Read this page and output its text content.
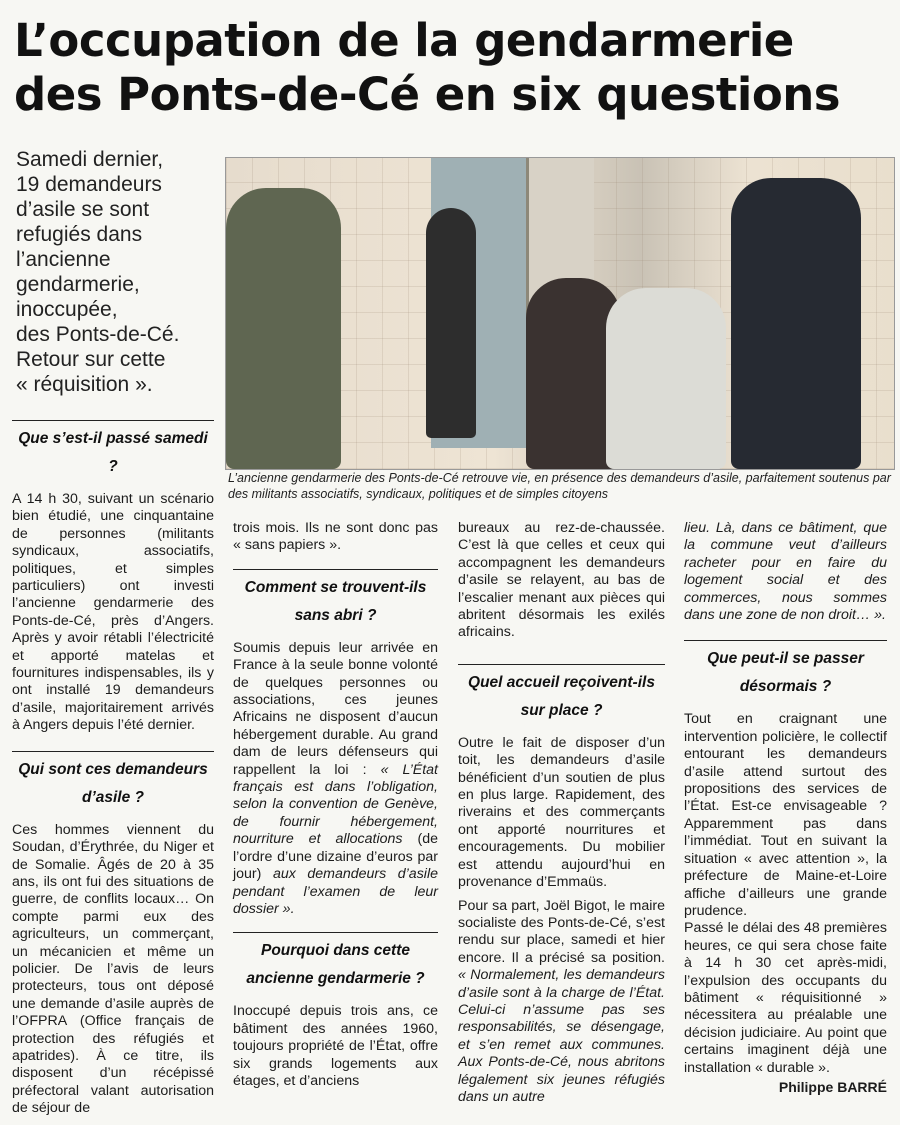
L’occupation de la gendarmerie
des Ponts-de-Cé en six questions

Samedi dernier,
19 demandeurs
d’asile se sont
refugiés dans
l’ancienne
gendarmerie,
inoccupée,
des Ponts-de-Cé.
Retour sur cette
« réquisition ».

L’ancienne gendarmerie des Ponts-de-Cé retrouve vie, en présence des demandeurs d’asile, parfaitement soutenus par des militants associatifs, syndicaux, politiques et de simples citoyens

Que s’est-il passé samedi ?

A 14 h 30, suivant un scénario bien étudié, une cinquantaine de personnes (militants syndicaux, associatifs, politiques, et simples particuliers) ont investi l’ancienne gendarmerie des Ponts-de-Cé, près d’Angers. Après y avoir rétabli l’électricité et apporté matelas et fournitures indispensables, ils y ont installé 19 demandeurs d’asile, majoritairement arrivés à Angers depuis l’été dernier.

Qui sont ces demandeurs d’asile ?

Ces hommes viennent du Soudan, d’Érythrée, du Niger et de Somalie. Âgés de 20 à 35 ans, ils ont fui des situations de guerre, de conflits locaux… On compte parmi eux des agriculteurs, un commerçant, un mécanicien et même un policier. De l’avis de leurs protecteurs, tous ont déposé une demande d’asile auprès de l’OFPRA (Office français de protection des réfugiés et apatrides). À ce titre, ils disposent d’un récépissé préfectoral valant autorisation de séjour de

trois mois. Ils ne sont donc pas « sans papiers ».

Comment se trouvent-ils sans abri ?

Soumis depuis leur arrivée en France à la seule bonne volonté de quelques personnes ou associations, ces jeunes Africains ne disposent d’aucun hébergement durable. Au grand dam de leurs défenseurs qui rappellent la loi : « L’État français est dans l’obligation, selon la convention de Genève, de fournir hébergement, nourriture et allocations (de l’ordre d’une dizaine d’euros par jour) aux demandeurs d’asile pendant l’examen de leur dossier ».

Pourquoi dans cette ancienne gendarmerie ?

Inoccupé depuis trois ans, ce bâtiment des années 1960, toujours propriété de l’État, offre six grands logements aux étages, et d’anciens

bureaux au rez-de-chaussée. C’est là que celles et ceux qui accompagnent les demandeurs d’asile se relayent, au bas de l’escalier menant aux pièces qui abritent désormais les exilés africains.

Quel accueil reçoivent-ils sur place ?

Outre le fait de disposer d’un toit, les demandeurs d’asile bénéficient d’un soutien de plus en plus large. Rapidement, des riverains et des commerçants ont apporté nourritures et encouragements. Du mobilier est attendu aujourd’hui en provenance d’Emmaüs.

Pour sa part, Joël Bigot, le maire socialiste des Ponts-de-Cé, s’est rendu sur place, samedi et hier encore. Il a précisé sa position. « Normalement, les demandeurs d’asile sont à la charge de l’État. Celui-ci n’assume pas ses responsabilités, se désengage, et s’en remet aux communes. Aux Ponts-de-Cé, nous abritons légalement six jeunes réfugiés dans un autre

lieu. Là, dans ce bâtiment, que la commune veut d’ailleurs racheter pour en faire du logement social et des commerces, nous sommes dans une zone de non droit… ».

Que peut-il se passer désormais ?

Tout en craignant une intervention policière, le collectif entourant les demandeurs d’asile attend surtout des propositions des services de l’État. Est-ce envisageable ? Apparemment pas dans l’immédiat. Tout en suivant la situation « avec attention », la préfecture de Maine-et-Loire affiche d’ailleurs une grande prudence.

Passé le délai des 48 premières heures, ce qui sera chose faite à 14 h 30 cet après-midi, l’expulsion des occupants du bâtiment « réquisitionné » nécessitera au préalable une décision judiciaire. Au point que certains imaginent déjà une installation « durable ».

Philippe BARRÉ
